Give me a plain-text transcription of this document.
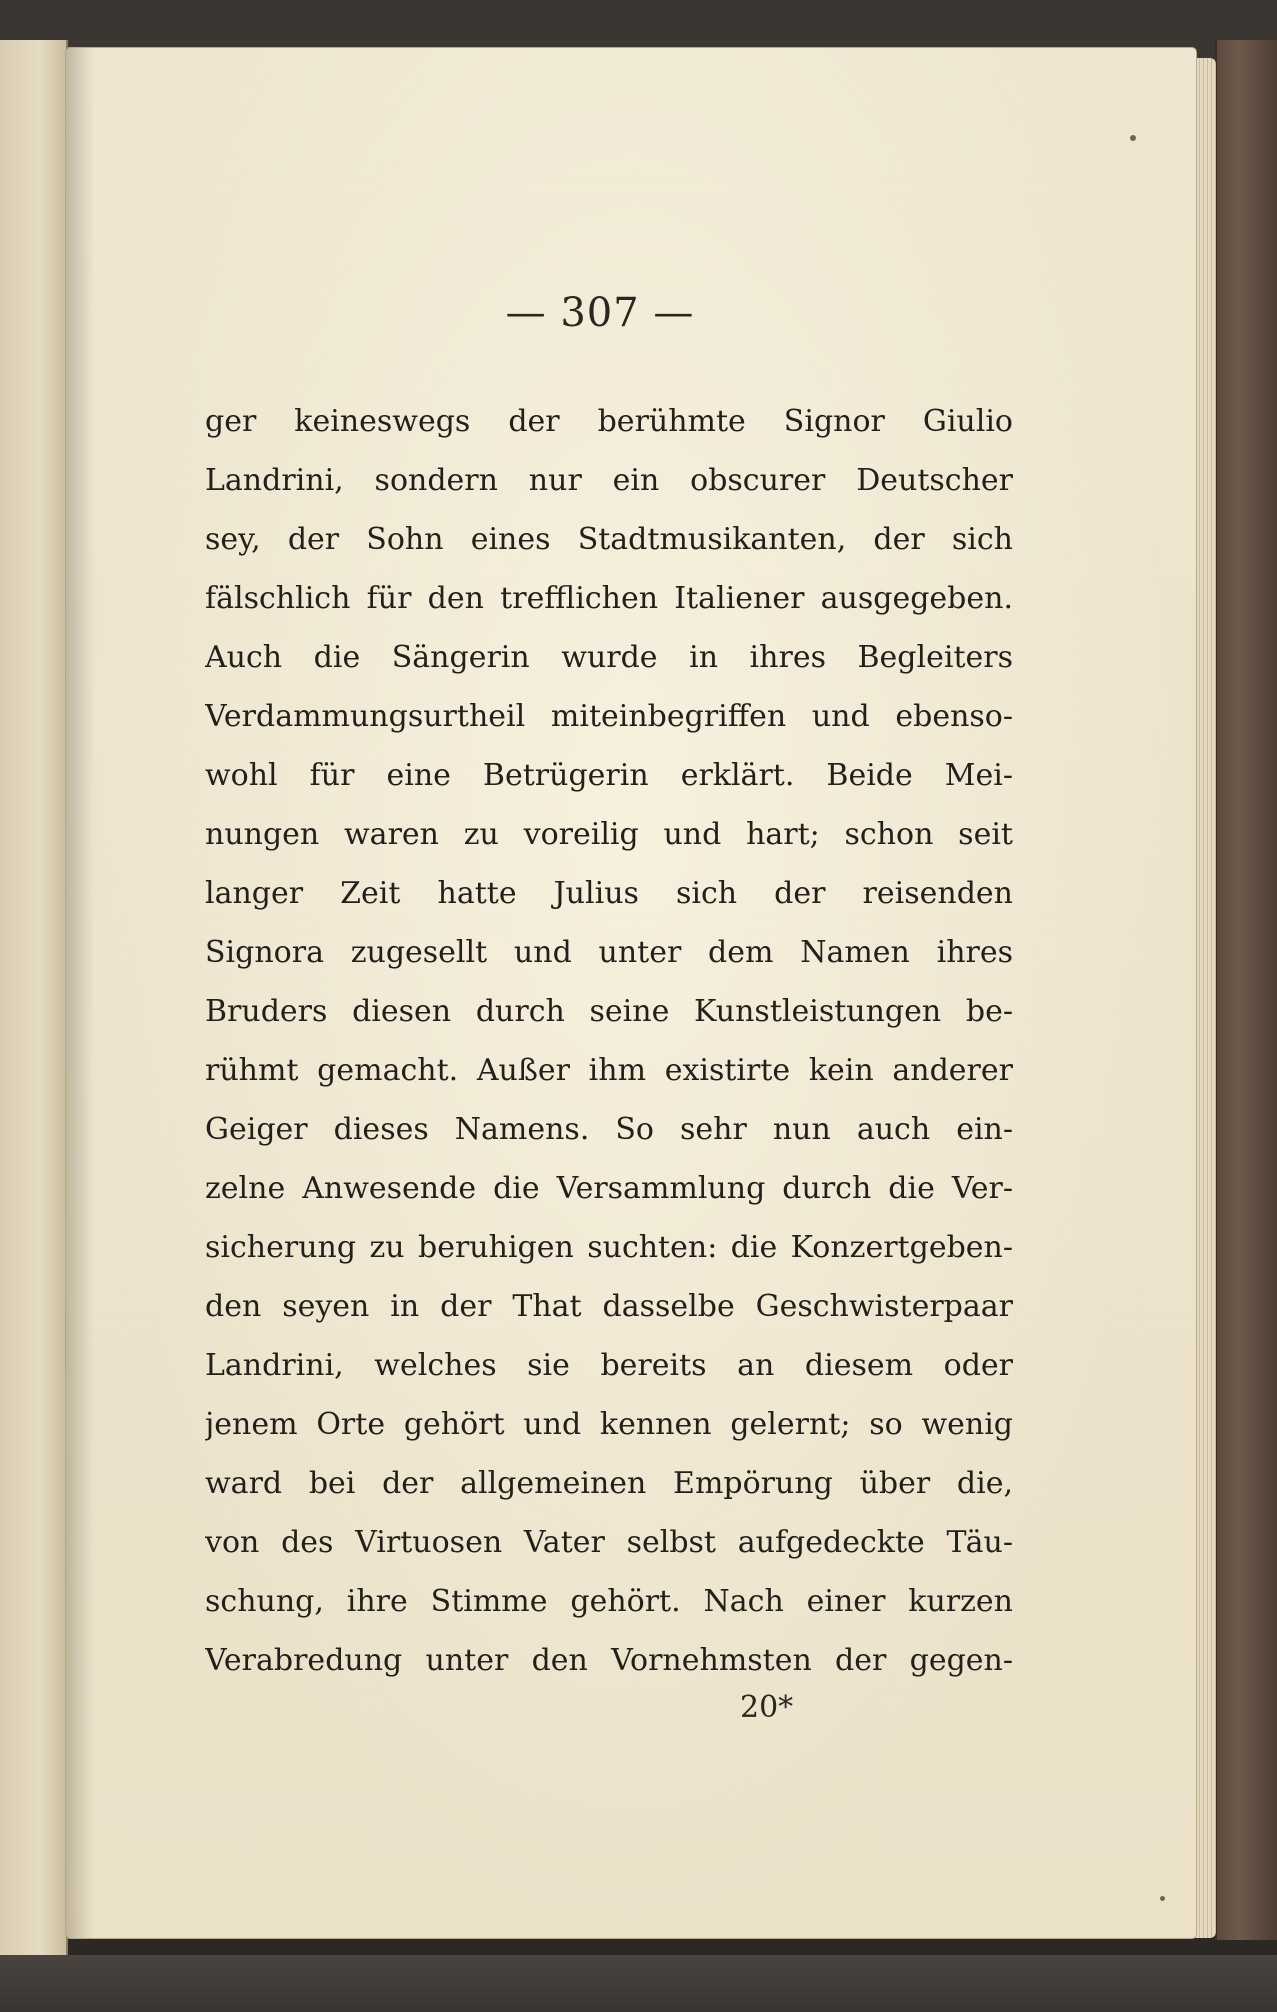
— 307 —
ger keineswegs der berühmte Signor Giulio
Landrini, sondern nur ein obscurer Deutscher
sey, der Sohn eines Stadtmusikanten, der sich
fälschlich für den trefflichen Italiener ausgegeben.
Auch die Sängerin wurde in ihres Begleiters
Verdammungsurtheil miteinbegriffen und ebenso-
wohl für eine Betrügerin erklärt. Beide Mei-
nungen waren zu voreilig und hart; schon seit
langer Zeit hatte Julius sich der reisenden
Signora zugesellt und unter dem Namen ihres
Bruders diesen durch seine Kunstleistungen be-
rühmt gemacht. Außer ihm existirte kein anderer
Geiger dieses Namens. So sehr nun auch ein-
zelne Anwesende die Versammlung durch die Ver-
sicherung zu beruhigen suchten: die Konzertgeben-
den seyen in der That dasselbe Geschwisterpaar
Landrini, welches sie bereits an diesem oder
jenem Orte gehört und kennen gelernt; so wenig
ward bei der allgemeinen Empörung über die,
von des Virtuosen Vater selbst aufgedeckte Täu-
schung, ihre Stimme gehört. Nach einer kurzen
Verabredung unter den Vornehmsten der gegen-
20*
